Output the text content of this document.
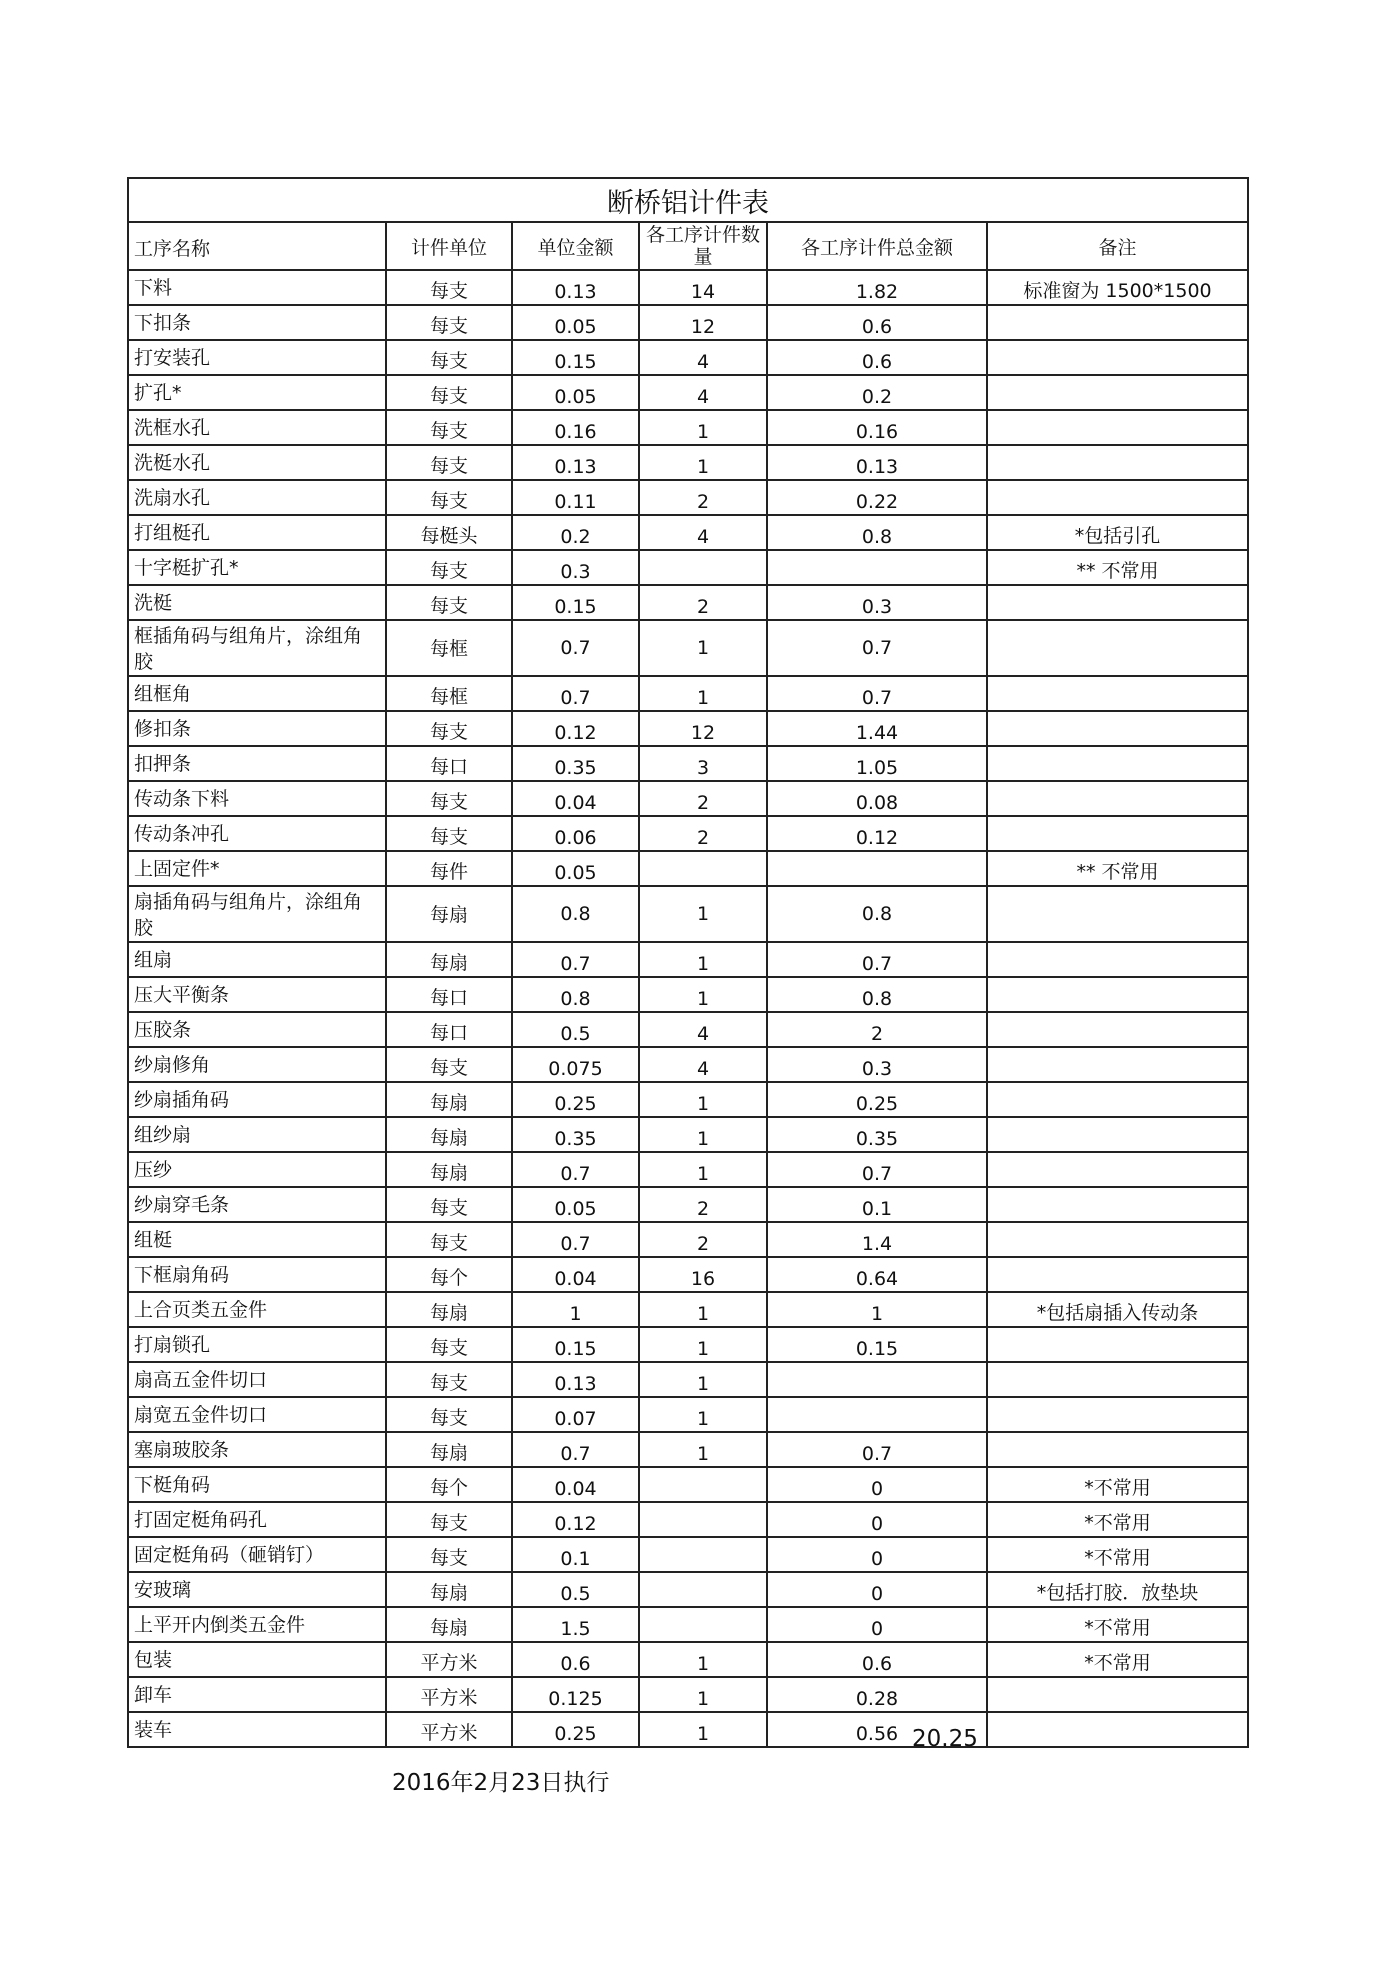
断桥铝计件表					
工序名称	计件单位	单位金额	各工序计件数量	各工序计件总金额	备注
下料	每支	0.13	14	1.82	标准窗为 1500*1500
下扣条	每支	0.05	12	0.6	
打安装孔	每支	0.15	4	0.6	
扩孔*	每支	0.05	4	0.2	
洗框水孔	每支	0.16	1	0.16	
洗梃水孔	每支	0.13	1	0.13	
洗扇水孔	每支	0.11	2	0.22	
打组梃孔	每梃头	0.2	4	0.8	*包括引孔
十字梃扩孔*	每支	0.3			** 不常用
洗梃	每支	0.15	2	0.3	
框插角码与组角片，涂组角胶	每框	0.7	1	0.7	
组框角	每框	0.7	1	0.7	
修扣条	每支	0.12	12	1.44	
扣押条	每口	0.35	3	1.05	
传动条下料	每支	0.04	2	0.08	
传动条冲孔	每支	0.06	2	0.12	
上固定件*	每件	0.05			** 不常用
扇插角码与组角片，涂组角胶	每扇	0.8	1	0.8	
组扇	每扇	0.7	1	0.7	
压大平衡条	每口	0.8	1	0.8	
压胶条	每口	0.5	4	2	
纱扇修角	每支	0.075	4	0.3	
纱扇插角码	每扇	0.25	1	0.25	
组纱扇	每扇	0.35	1	0.35	
压纱	每扇	0.7	1	0.7	
纱扇穿毛条	每支	0.05	2	0.1	
组梃	每支	0.7	2	1.4	
下框扇角码	每个	0.04	16	0.64	
上合页类五金件	每扇	1	1	1	*包括扇插入传动条
打扇锁孔	每支	0.15	1	0.15	
扇高五金件切口	每支	0.13	1		
扇宽五金件切口	每支	0.07	1		
塞扇玻胶条	每扇	0.7	1	0.7	
下梃角码	每个	0.04		0	*不常用
打固定梃角码孔	每支	0.12		0	*不常用
固定梃角码（砸销钉）	每支	0.1		0	*不常用
安玻璃	每扇	0.5		0	*包括打胶．放垫块
上平开内倒类五金件	每扇	1.5		0	*不常用
包装	平方米	0.6	1	0.6	*不常用
卸车	平方米	0.125	1	0.28	
装车	平方米	0.25	1	0.56	20.25
2016年2月23日执行
